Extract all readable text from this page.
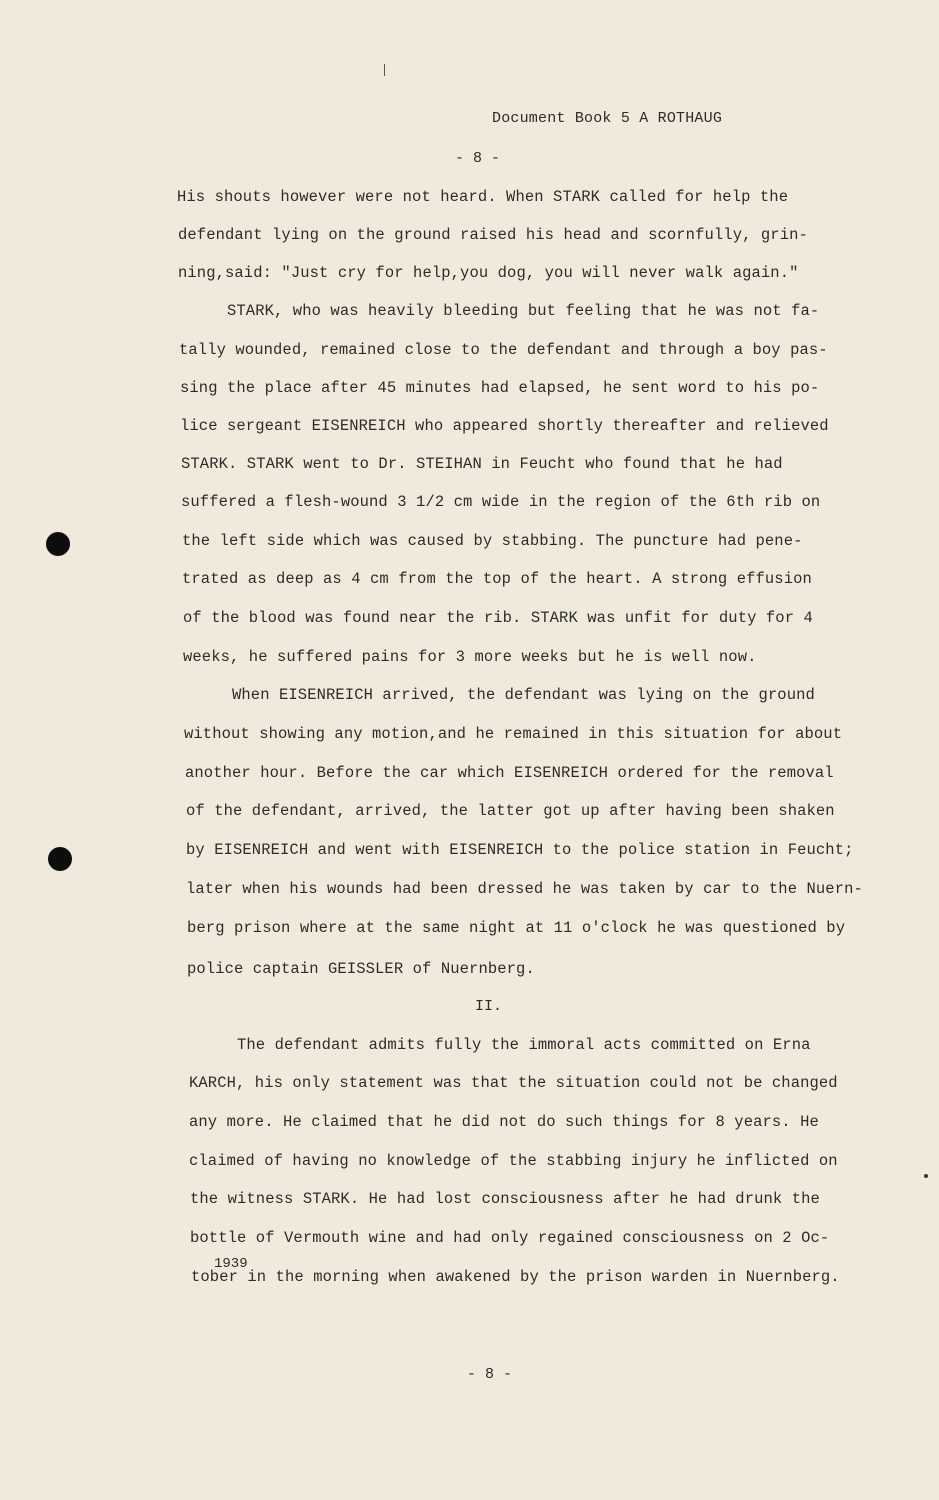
Document Book 5 A ROTHAUG
- 8 -
His shouts however were not heard. When STARK called for help the
defendant lying on the ground raised his head and scornfully, grin-
ning,said: "Just cry for help,you dog, you will never walk again."
STARK, who was heavily bleeding but feeling that he was not fa-
tally wounded, remained close to the defendant and through a boy pas-
sing the place after 45 minutes had elapsed, he sent word to his po-
lice sergeant EISENREICH who appeared shortly thereafter and relieved
STARK. STARK went to Dr. STEIHAN in Feucht who found that he had
suffered a flesh-wound 3 1/2 cm wide in the region of the 6th rib on
the left side which was caused by stabbing. The puncture had pene-
trated as deep as 4 cm from the top of the heart. A strong effusion
of the blood was found near the rib. STARK was unfit for duty for 4
weeks, he suffered pains for 3 more weeks but he is well now.
When EISENREICH arrived, the defendant was lying on the ground
without showing any motion,and he remained in this situation for about
another hour. Before the car which EISENREICH ordered for the removal
of the defendant, arrived, the latter got up after having been shaken
by EISENREICH and went with EISENREICH to the police station in Feucht;
later when his wounds had been dressed he was taken by car to the Nuern-
berg prison where at the same night at 11 o'clock he was questioned by
police captain GEISSLER of Nuernberg.
II.
The defendant admits fully the immoral acts committed on Erna
KARCH, his only statement was that the situation could not be changed
any more. He claimed that he did not do such things for 8 years. He
claimed of having no knowledge of the stabbing injury he inflicted on
the witness STARK. He had lost consciousness after he had drunk the
bottle of Vermouth wine and had only regained consciousness on 2 Oc-
1939
tober in the morning when awakened by the prison warden in Nuernberg.
- 8 -
